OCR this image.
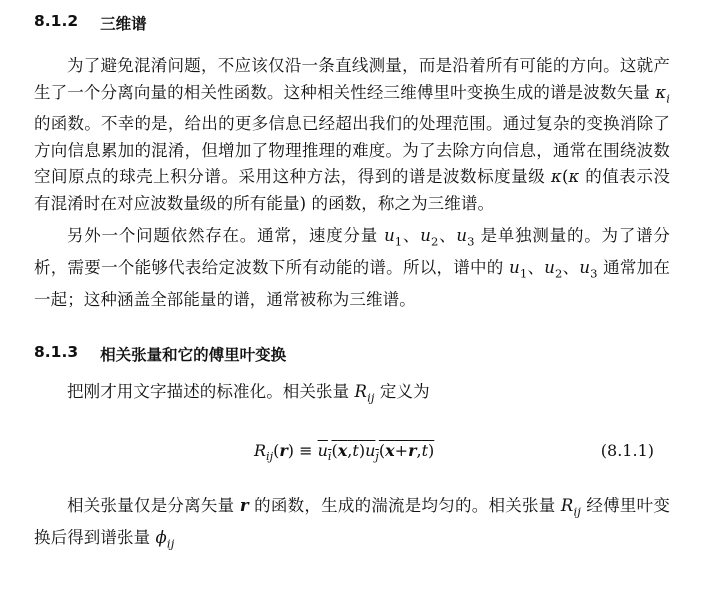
8.1.2 三维谱

为了避免混淆问题，不应该仅沿一条直线测量，而是沿着所有可能的方向。这就产生了一个分离向量的相关性函数。这种相关性经三维傅里叶变换生成的谱是波数矢量 $\kappa_i$ 的函数。不幸的是，给出的更多信息已经超出我们的处理范围。通过复杂的变换消除了方向信息累加的混淆，但增加了物理推理的难度。为了去除方向信息，通常在围绕波数空间原点的球壳上积分谱。采用这种方法，得到的谱是波数标度量级 κ(κ 的值表示没有混淆时在对应波数量级的所有能量) 的函数，称之为三维谱。

另外一个问题依然存在。通常，速度分量 $u_1$、$u_2$、$u_3$ 是单独测量的。为了谱分析，需要一个能够代表给定波数下所有动能的谱。所以，谱中的 $u_1$、$u_2$、$u_3$ 通常加在一起；这种涵盖全部能量的谱，通常被称为三维谱。

8.1.3 相关张量和它的傅里叶变换

把刚才用文字描述的标准化。相关张量 $R_{ij}$ 定义为

$R_{ij}(r) \equiv u_i(x,t)u_j(x+r,t)$	(8.1.1)

相关张量仅是分离矢量 r 的函数，生成的湍流是均匀的。相关张量 $R_{ij}$ 经傅里叶变换后得到谱张量 $\phi_{ij}$
